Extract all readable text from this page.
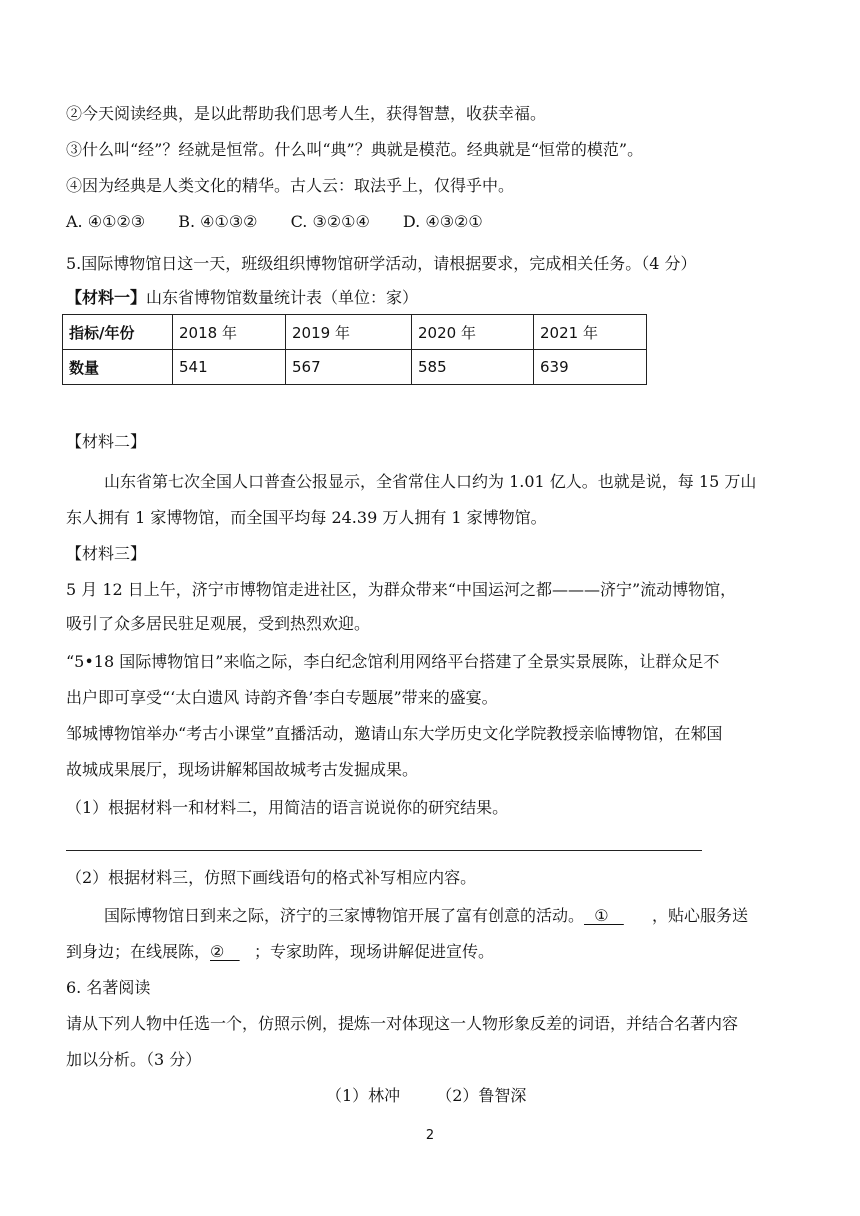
②今天阅读经典，是以此帮助我们思考人生，获得智慧，收获幸福。
③什么叫“经”？经就是恒常。什么叫“典”？典就是模范。经典就是“恒常的模范”。
④因为经典是人类文化的精华。古人云：取法乎上，仅得乎中。
A. ④①②③ B. ④①③② C. ③②①④ D. ④③②①
5.国际博物馆日这一天，班级组织博物馆研学活动，请根据要求，完成相关任务。（4 分）
【材料一】山东省博物馆数量统计表（单位：家）
指标/年份	2018 年	2019 年	2020 年	2021 年
数量	541	567	585	639
【材料二】
山东省第七次全国人口普查公报显示，全省常住人口约为 1.01 亿人。也就是说，每 15 万山
东人拥有 1 家博物馆，而全国平均每 24.39 万人拥有 1 家博物馆。
【材料三】
5 月 12 日上午，济宁市博物馆走进社区，为群众带来“中国运河之都———济宁”流动博物馆，
吸引了众多居民驻足观展，受到热烈欢迎。
“5•18 国际博物馆日”来临之际，李白纪念馆利用网络平台搭建了全景实景展陈，让群众足不
出户即可享受“‘太白遗风 诗韵齐鲁’李白专题展”带来的盛宴。
邹城博物馆举办“考古小课堂”直播活动，邀请山东大学历史文化学院教授亲临博物馆，在邾国
故城成果展厅，现场讲解邾国故城考古发掘成果。
（1）根据材料一和材料二，用简洁的语言说说你的研究结果。
（2）根据材料三，仿照下画线语句的格式补写相应内容。
国际博物馆日到来之际，济宁的三家博物馆开展了富有创意的活动。  ①   ，贴心服务送
到身边；在线展陈，②   ；专家助阵，现场讲解促进宣传。
6. 名著阅读
请从下列人物中任选一个，仿照示例，提炼一对体现这一人物形象反差的词语，并结合名著内容
加以分析。（3 分）
（1）林冲 （2）鲁智深
2
